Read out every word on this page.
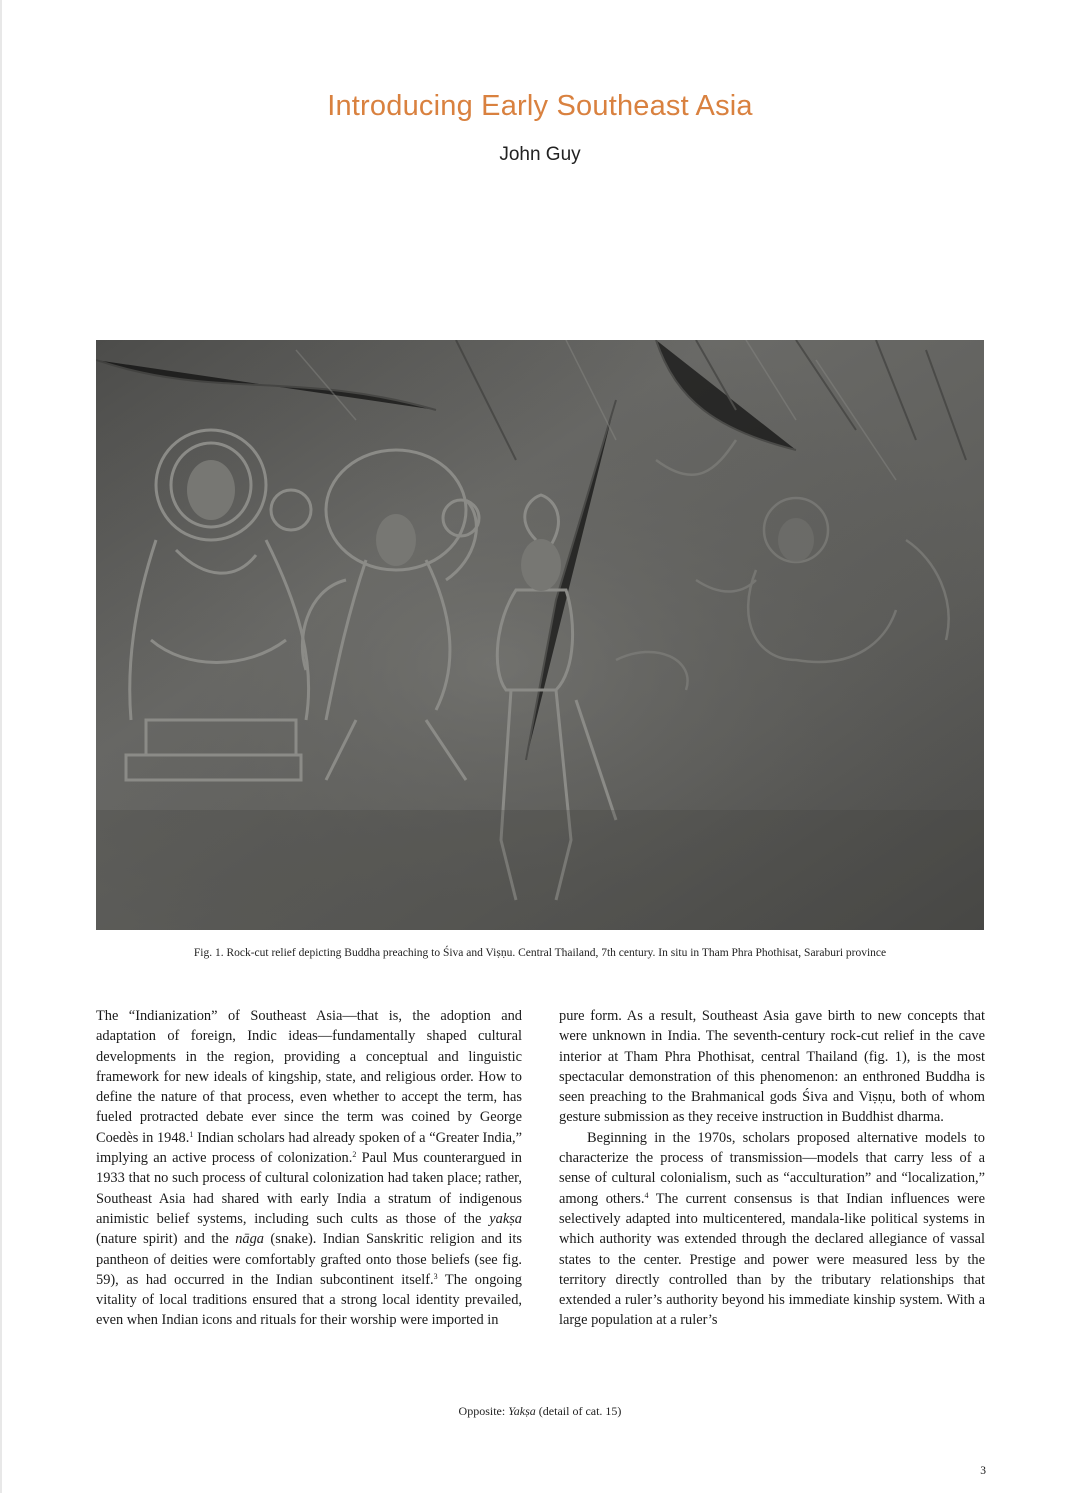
Introducing Early Southeast Asia
John Guy
Fig. 1. Rock-cut relief depicting Buddha preaching to Śiva and Viṣṇu. Central Thailand, 7th century. In situ in Tham Phra Phothisat, Saraburi province

The “Indianization” of Southeast Asia—that is, the adoption and adaptation of foreign, Indic ideas—fundamentally shaped cultural developments in the region, providing a conceptual and linguistic framework for new ideals of kingship, state, and religious order. How to define the nature of that process, even whether to accept the term, has fueled protracted debate ever since the term was coined by George Coedès in 1948.$^1$ Indian scholars had already spoken of a “Greater India,” implying an active process of colonization.$^2$ Paul Mus counterargued in 1933 that no such process of cultural colonization had taken place; rather, Southeast Asia had shared with early India a stratum of indigenous animistic belief systems, including such cults as those of the yakṣa (nature spirit) and the nāga (snake). Indian Sanskritic religion and its pantheon of deities were comfortably grafted onto those beliefs (see fig. 59), as had occurred in the Indian subcontinent itself.$^3$ The ongoing vitality of local traditions ensured that a strong local identity prevailed, even when Indian icons and rituals for their worship were imported in

pure form. As a result, Southeast Asia gave birth to new concepts that were unknown in India. The seventh-century rock-cut relief in the cave interior at Tham Phra Phothisat, central Thailand (fig. 1), is the most spectacular demonstration of this phenomenon: an enthroned Buddha is seen preaching to the Brahmanical gods Śiva and Viṣṇu, both of whom gesture submission as they receive instruction in Buddhist dharma.

Beginning in the 1970s, scholars proposed alternative models to characterize the process of transmission—models that carry less of a sense of cultural colonialism, such as “acculturation” and “localization,” among others.$^4$ The current consensus is that Indian influences were selectively adapted into multicentered, mandala-like political systems in which authority was extended through the declared allegiance of vassal states to the center. Prestige and power were measured less by the territory directly controlled than by the tributary relationships that extended a ruler’s authority beyond his immediate kinship system. With a large population at a ruler’s

Opposite: Yakṣa (detail of cat. 15)
3
